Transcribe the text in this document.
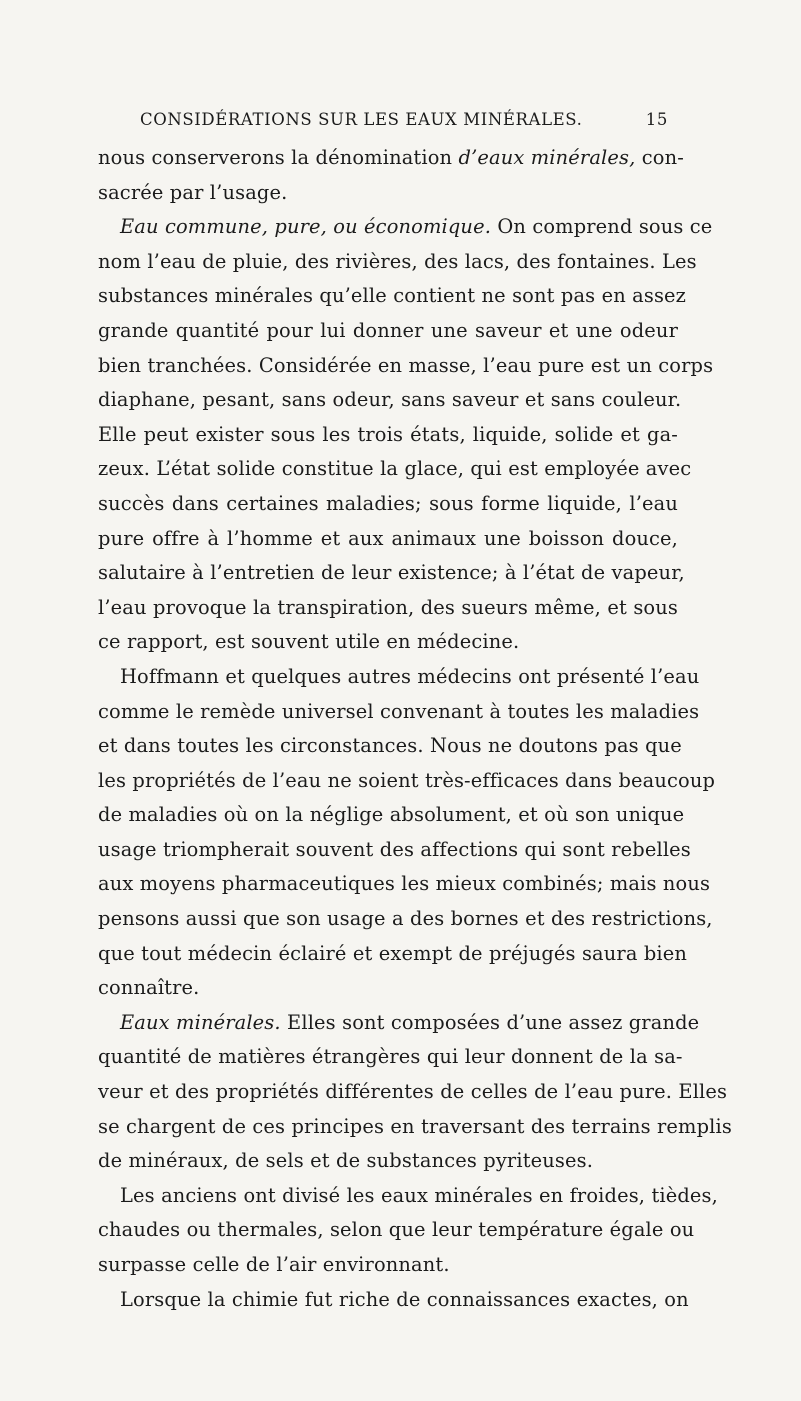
CONSIDÉRATIONS SUR LES EAUX MINÉRALES.	15
nous conserverons la dénomination d’eaux minérales, con-
sacrée par l’usage.
Eau commune, pure, ou économique. On comprend sous ce
nom l’eau de pluie, des rivières, des lacs, des fontaines. Les
substances minérales qu’elle contient ne sont pas en assez
grande quantité pour lui donner une saveur et une odeur
bien tranchées. Considérée en masse, l’eau pure est un corps
diaphane, pesant, sans odeur, sans saveur et sans couleur.
Elle peut exister sous les trois états, liquide, solide et ga-
zeux. L’état solide constitue la glace, qui est employée avec
succès dans certaines maladies; sous forme liquide, l’eau
pure offre à l’homme et aux animaux une boisson douce,
salutaire à l’entretien de leur existence; à l’état de vapeur,
l’eau provoque la transpiration, des sueurs même, et sous
ce rapport, est souvent utile en médecine.
Hoffmann et quelques autres médecins ont présenté l’eau
comme le remède universel convenant à toutes les maladies
et dans toutes les circonstances. Nous ne doutons pas que
les propriétés de l’eau ne soient très-efficaces dans beaucoup
de maladies où on la néglige absolument, et où son unique
usage triompherait souvent des affections qui sont rebelles
aux moyens pharmaceutiques les mieux combinés; mais nous
pensons aussi que son usage a des bornes et des restrictions,
que tout médecin éclairé et exempt de préjugés saura bien
connaître.
Eaux minérales. Elles sont composées d’une assez grande
quantité de matières étrangères qui leur donnent de la sa-
veur et des propriétés différentes de celles de l’eau pure. Elles
se chargent de ces principes en traversant des terrains remplis
de minéraux, de sels et de substances pyriteuses.
Les anciens ont divisé les eaux minérales en froides, tièdes,
chaudes ou thermales, selon que leur température égale ou
surpasse celle de l’air environnant.
Lorsque la chimie fut riche de connaissances exactes, on
